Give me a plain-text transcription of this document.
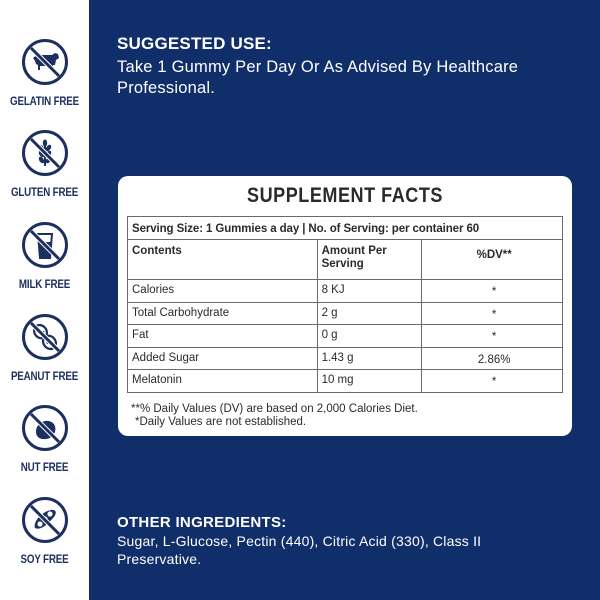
GELATIN FREE
GLUTEN FREE
MILK FREE
PEANUT FREE
NUT FREE
SOY FREE
SUGGESTED USE:
Take 1 Gummy Per Day Or As Advised By Healthcare Professional.
SUPPLEMENT FACTS
Serving Size: 1 Gummies a day | No. of Serving: per container 60		
Contents	Amount Per Serving	%DV**
Calories	8 KJ	*
Total Carbohydrate	2 g	*
Fat	0 g	*
Added Sugar	1.43 g	2.86%
Melatonin	10 mg	*
**% Daily Values (DV) are based on 2,000 Calories Diet.
*Daily Values are not established.
OTHER INGREDIENTS:
Sugar, L-Glucose, Pectin (440), Citric Acid (330), Class II Preservative.
